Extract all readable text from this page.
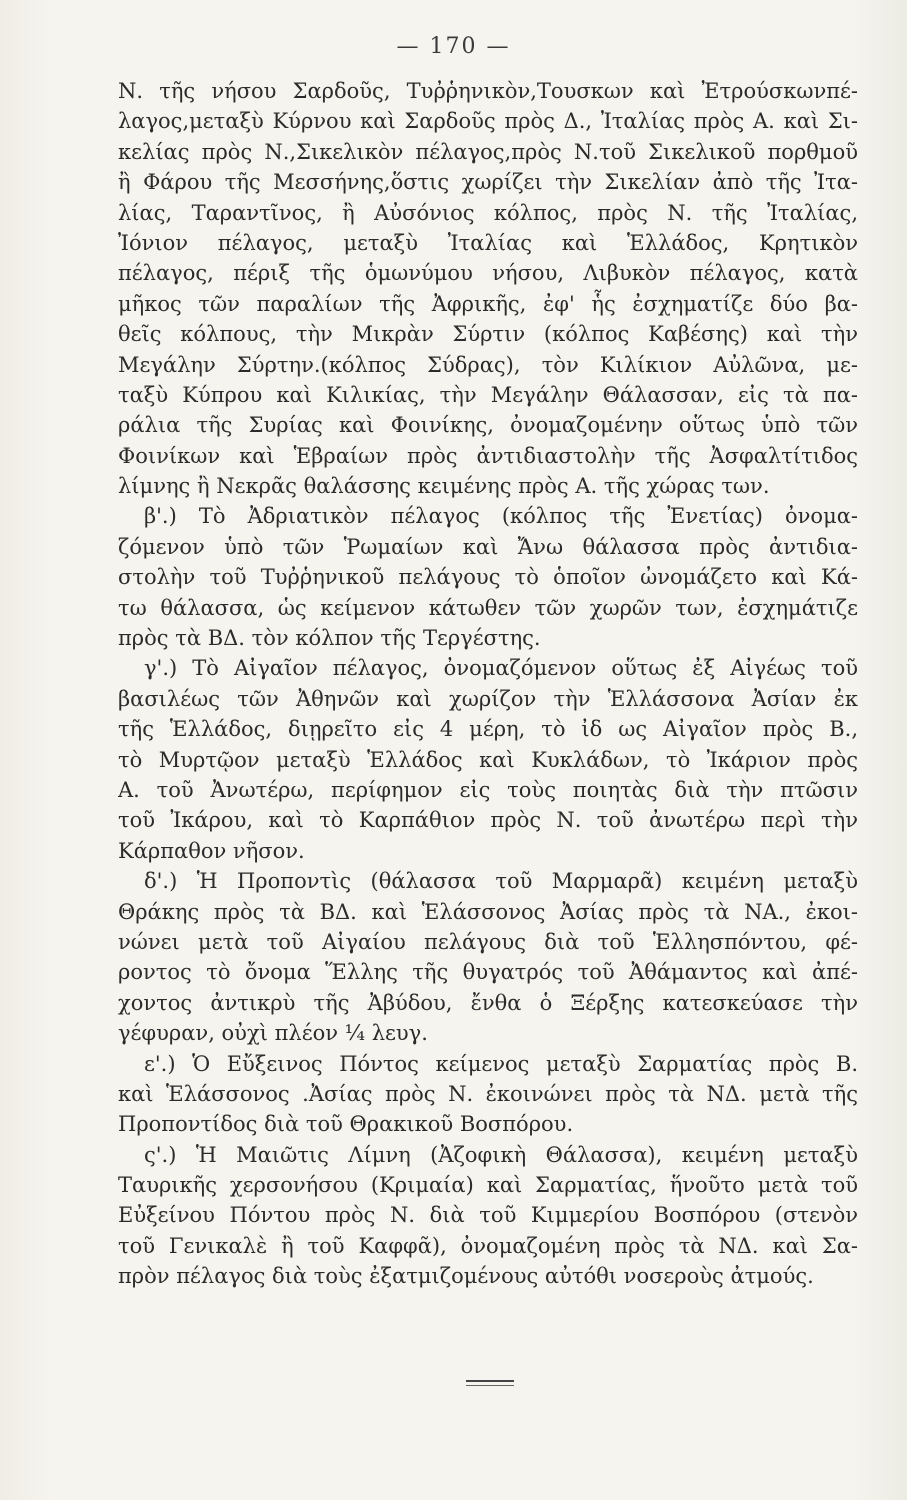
— 170 —
Ν. τῆς νήσου Σαρδοῦς, Τυῤῥηνικὸν,Τουσκων καὶ Ἐτρούσκωνπέ-
λαγος,μεταξὺ Κύρνου καὶ Σαρδοῦς πρὸς Δ., Ἰταλίας πρὸς Α. καὶ Σι-
κελίας πρὸς Ν.,Σικελικὸν πέλαγος,πρὸς Ν.τοῦ Σικελικοῦ πορθμοῦ
ἢ Φάρου τῆς Μεσσήνης,ὅστις χωρίζει τὴν Σικελίαν ἀπὸ τῆς Ἰτα-
λίας, Ταραντῖνος, ἢ Αὐσόνιος κόλπος, πρὸς Ν. τῆς Ἰταλίας,
Ἰόνιον πέλαγος, μεταξὺ Ἰταλίας καὶ Ἑλλάδος, Κρητικὸν
πέλαγος, πέριξ τῆς ὁμωνύμου νήσου, Λιβυκὸν πέλαγος, κατὰ
μῆκος τῶν παραλίων τῆς Ἀφρικῆς, ἐφ' ἧς ἐσχηματίζε δύο βα-
θεῖς κόλπους, τὴν Μικρὰν Σύρτιν (κόλπος Καβέσης) καὶ τὴν
Μεγάλην Σύρτην.(κόλπος Σύδρας), τὸν Κιλίκιον Αὐλῶνα, με-
ταξὺ Κύπρου καὶ Κιλικίας, τὴν Μεγάλην Θάλασσαν, εἰς τὰ πα-
ράλια τῆς Συρίας καὶ Φοινίκης, ὀνομαζομένην οὕτως ὑπὸ τῶν
Φοινίκων καὶ Ἑβραίων πρὸς ἀντιδιαστολὴν τῆς Ἀσφαλτίτιδος
λίμνης ἢ Νεκρᾶς θαλάσσης κειμένης πρὸς Α. τῆς χώρας των.
β'.) Τὸ Ἀδριατικὸν πέλαγος (κόλπος τῆς Ἐνετίας) ὀνομα-
ζόμενον ὑπὸ τῶν Ῥωμαίων καὶ Ἄνω θάλασσα πρὸς ἀντιδια-
στολὴν τοῦ Τυῤῥηνικοῦ πελάγους τὸ ὁποῖον ὠνομάζετο καὶ Κά-
τω θάλασσα, ὡς κείμενον κάτωθεν τῶν χωρῶν των, ἐσχημάτιζε
πρὸς τὰ ΒΔ. τὸν κόλπον τῆς Τεργέστης.
γ'.) Τὸ Αἰγαῖον πέλαγος, ὀνομαζόμενον οὕτως ἐξ Αἰγέως τοῦ
βασιλέως τῶν Ἀθηνῶν καὶ χωρίζον τὴν Ἑλλάσσονα Ἀσίαν ἐκ
τῆς Ἑλλάδος, διῃρεῖτο εἰς 4 μέρη, τὸ ἰδ ως Αἰγαῖον πρὸς Β.,
τὸ Μυρτῷον μεταξὺ Ἑλλάδος καὶ Κυκλάδων, τὸ Ἰκάριον πρὸς
Α. τοῦ Ἀνωτέρω, περίφημον εἰς τοὺς ποιητὰς διὰ τὴν πτῶσιν
τοῦ Ἰκάρου, καὶ τὸ Καρπάθιον πρὸς Ν. τοῦ ἀνωτέρω περὶ τὴν
Κάρπαθον νῆσον.
δ'.) Ἡ Προποντὶς (θάλασσα τοῦ Μαρμαρᾶ) κειμένη μεταξὺ
Θράκης πρὸς τὰ ΒΔ. καὶ Ἑλάσσονος Ἀσίας πρὸς τὰ ΝΑ., ἐκοι-
νώνει μετὰ τοῦ Αἰγαίου πελάγους διὰ τοῦ Ἑλλησπόντου, φέ-
ροντος τὸ ὄνομα Ἕλλης τῆς θυγατρός τοῦ Ἀθάμαντος καὶ ἀπέ-
χοντος ἀντικρὺ τῆς Ἀβύδου, ἔνθα ὁ Ξέρξης κατεσκεύασε τὴν
γέφυραν, οὐχὶ πλέον ¼ λευγ.
ε'.) Ὁ Εὔξεινος Πόντος κείμενος μεταξὺ Σαρματίας πρὸς Β.
καὶ Ἑλάσσονος .Ἀσίας πρὸς Ν. ἐκοινώνει πρὸς τὰ ΝΔ. μετὰ τῆς
Προποντίδος διὰ τοῦ Θρακικοῦ Βοσπόρου.
ς'.) Ἡ Μαιῶτις Λίμνη (Ἀζοφικὴ Θάλασσα), κειμένη μεταξὺ
Ταυρικῆς χερσονήσου (Κριμαία) καὶ Σαρματίας, ἥνοῦτο μετὰ τοῦ
Εὐξείνου Πόντου πρὸς Ν. διὰ τοῦ Κιμμερίου Βοσπόρου (στενὸν
τοῦ Γενικαλὲ ἢ τοῦ Καφφᾶ), ὀνομαζομένη πρὸς τὰ ΝΔ. καὶ Σα-
πρὸν πέλαγος διὰ τοὺς ἐξατμιζομένους αὐτόθι νοσεροὺς ἀτμούς.
